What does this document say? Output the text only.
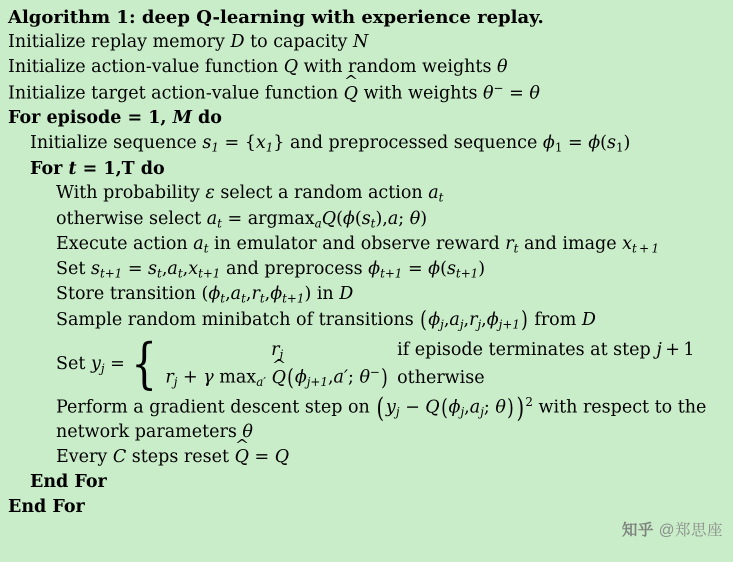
Algorithm 1: deep Q-learning with experience replay.
Initialize replay memory D to capacity N
Initialize action-value function Q with random weights θ
Initialize target action-value function Q ^ with weights θ− = θ
For episode = 1, M do
Initialize sequence $s_1 = \{x_1\}$ and preprocessed sequence $\phi_1 = \phi(s_1)$
For t = 1,T do
With probability ε select a random action $a_t$
otherwise select $a_t = argmax_aQ(\phi(s_t),a$; θ)
Execute action $a_t$ in emulator and observe reward $r_t$ and image $x_{t + 1}$
Set $s_{t+1} = s_t,a_t,x_{t+1}$ and preprocess $\phi_{t+1} = \phi(s_{t+1})$
Store transition $(\phi_t,a_t,r_t,\phi_{t+1})$ in D
Sample random minibatch of transitions $(\phi_j,a_j,r_j,\phi_{j+1})$ from D
Set $y_j$ = {	$r_j$	if episode terminates at step j + 1
$r_j + \gamma$ $\max_{a'} Q$ $\^{}(\phi_{j+1},a'$; θ−) otherwise
Perform a gradient descent step on ($y_j - Q(\phi_j,a_j$; θ))$^2$ with respect to the network parameters θ
Every C steps reset Q ^ = Q
End For
End For
知乎 @郑思座
